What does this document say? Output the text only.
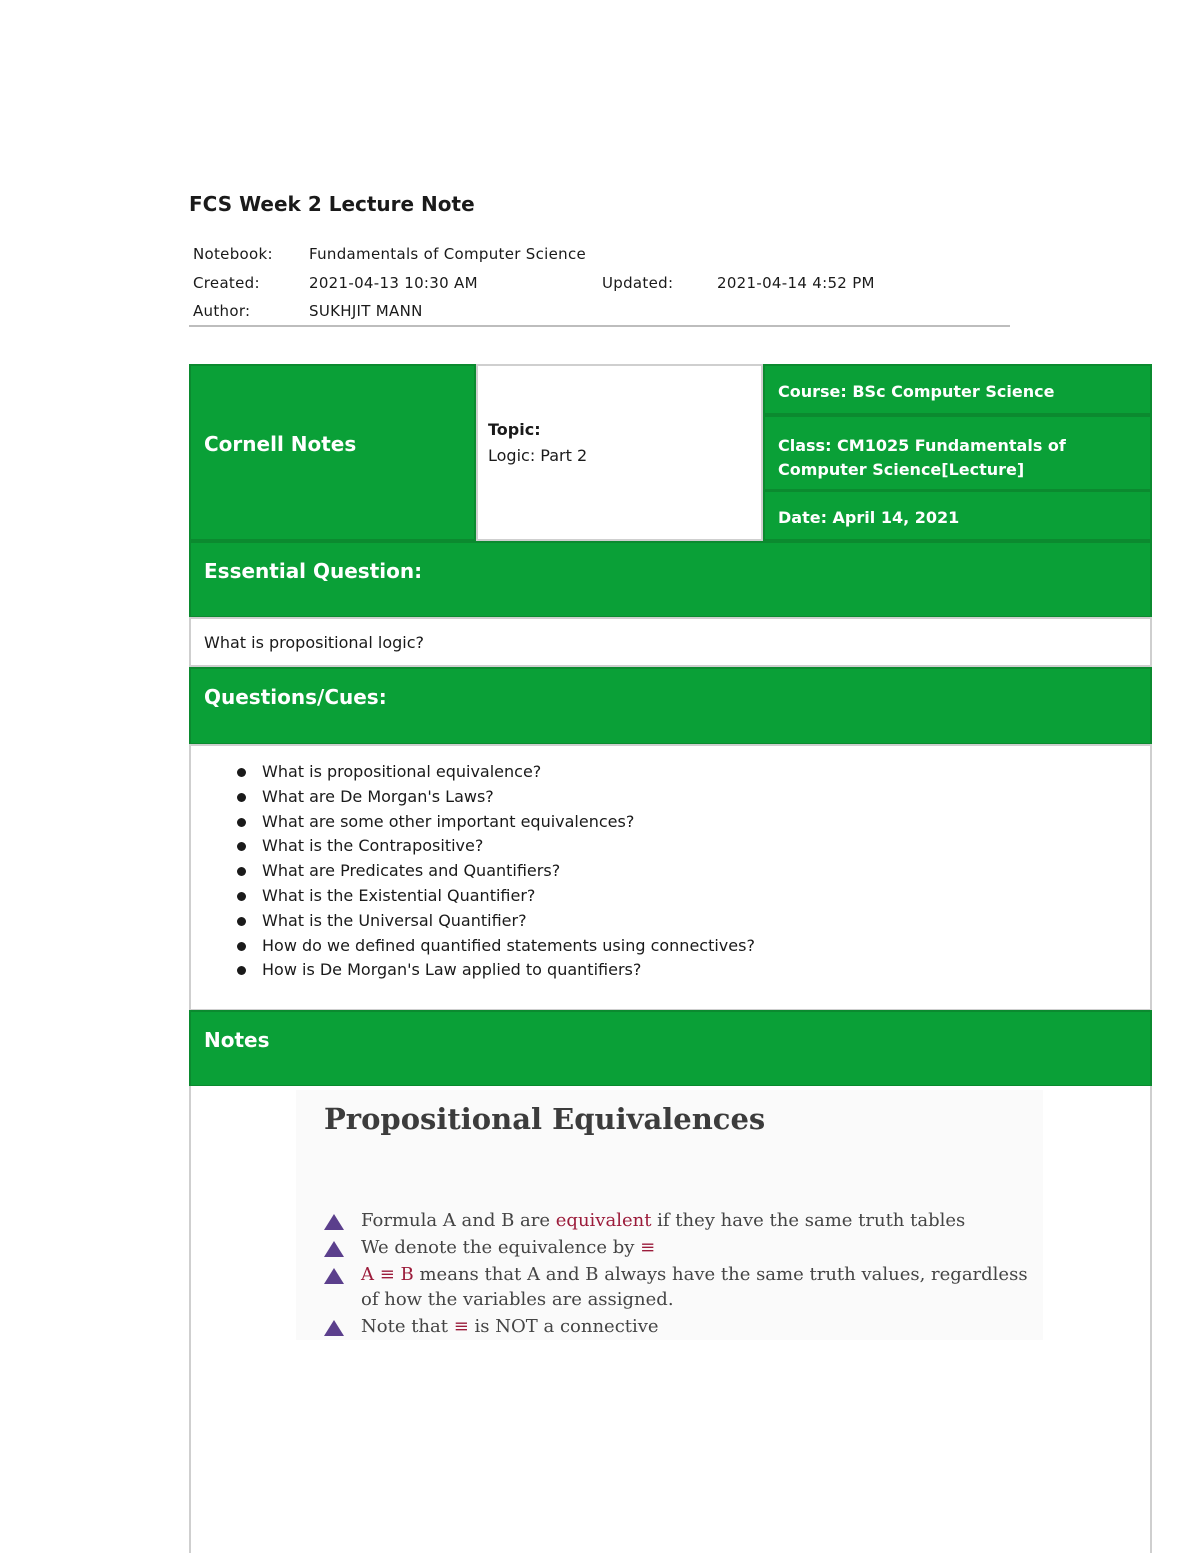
FCS Week 2 Lecture Note
Notebook: Fundamentals of Computer Science
Created:	2021-04-13 10:30 AM	Updated:	2021-04-14 4:52 PM
Author:	SUKHJIT MANN
Cornell Notes
Topic:
Logic: Part 2
Course: BSc Computer Science
Class: CM1025 Fundamentals of Computer Science[Lecture]
Date: April 14, 2021
Essential Question:
What is propositional logic?
Questions/Cues:
What is propositional equivalence?
What are De Morgan's Laws?
What are some other important equivalences?
What is the Contrapositive?
What are Predicates and Quantifiers?
What is the Existential Quantifier?
What is the Universal Quantifier?
How do we defined quantified statements using connectives?
How is De Morgan's Law applied to quantifiers?
Notes
Propositional Equivalences
Formula A and B are equivalent if they have the same truth tables
We denote the equivalence by ≡
A ≡ B means that A and B always have the same truth values, regardless of how the variables are assigned.
Note that ≡ is NOT a connective
